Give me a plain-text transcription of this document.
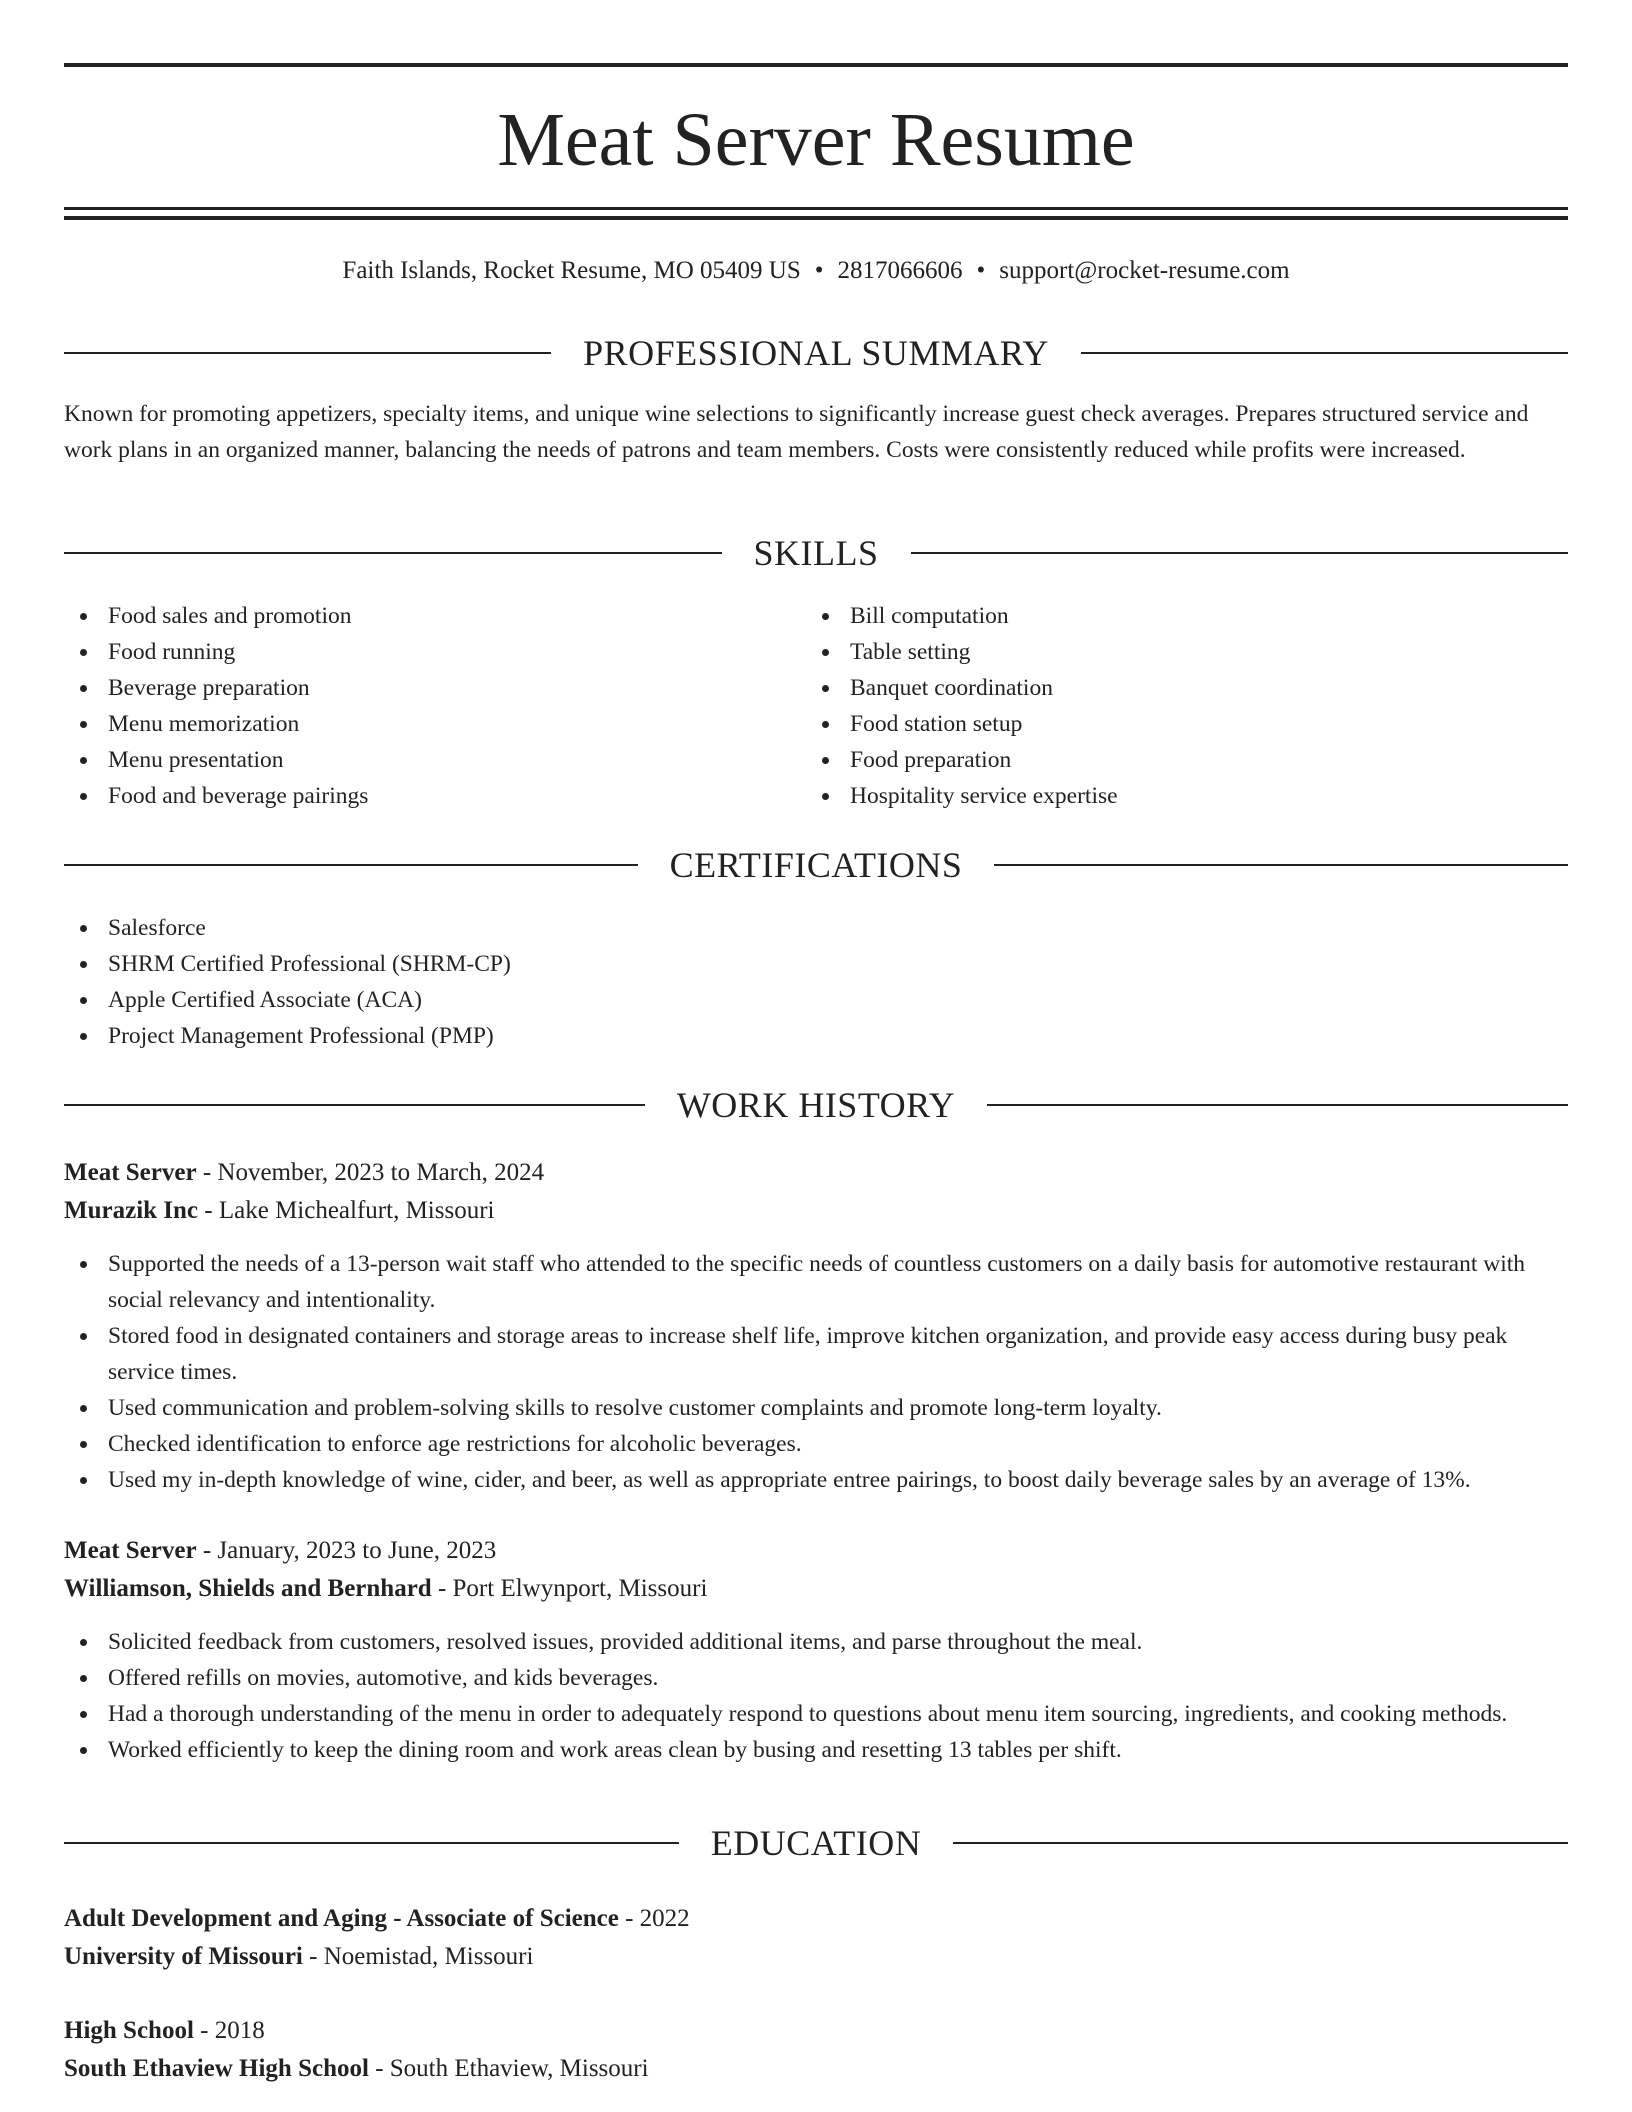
Meat Server Resume
Faith Islands, Rocket Resume, MO 05409 US • 2817066606 • support@rocket-resume.com
PROFESSIONAL SUMMARY

Known for promoting appetizers, specialty items, and unique wine selections to significantly increase guest check averages. Prepares structured service and work plans in an organized manner, balancing the needs of patrons and team members. Costs were consistently reduced while profits were increased.

SKILLS
Food sales and promotion
Food running
Beverage preparation
Menu memorization
Menu presentation
Food and beverage pairings
Bill computation
Table setting
Banquet coordination
Food station setup
Food preparation
Hospitality service expertise
CERTIFICATIONS
Salesforce
SHRM Certified Professional (SHRM-CP)
Apple Certified Associate (ACA)
Project Management Professional (PMP)
WORK HISTORY
Meat Server - November, 2023 to March, 2024
Murazik Inc - Lake Michealfurt, Missouri
Supported the needs of a 13-person wait staff who attended to the specific needs of countless customers on a daily basis for automotive restaurant with social relevancy and intentionality.
Stored food in designated containers and storage areas to increase shelf life, improve kitchen organization, and provide easy access during busy peak service times.
Used communication and problem-solving skills to resolve customer complaints and promote long-term loyalty.
Checked identification to enforce age restrictions for alcoholic beverages.
Used my in-depth knowledge of wine, cider, and beer, as well as appropriate entree pairings, to boost daily beverage sales by an average of 13%.
Meat Server - January, 2023 to June, 2023
Williamson, Shields and Bernhard - Port Elwynport, Missouri
Solicited feedback from customers, resolved issues, provided additional items, and parse throughout the meal.
Offered refills on movies, automotive, and kids beverages.
Had a thorough understanding of the menu in order to adequately respond to questions about menu item sourcing, ingredients, and cooking methods.
Worked efficiently to keep the dining room and work areas clean by busing and resetting 13 tables per shift.
EDUCATION
Adult Development and Aging - Associate of Science - 2022
University of Missouri - Noemistad, Missouri
High School - 2018
South Ethaview High School - South Ethaview, Missouri
